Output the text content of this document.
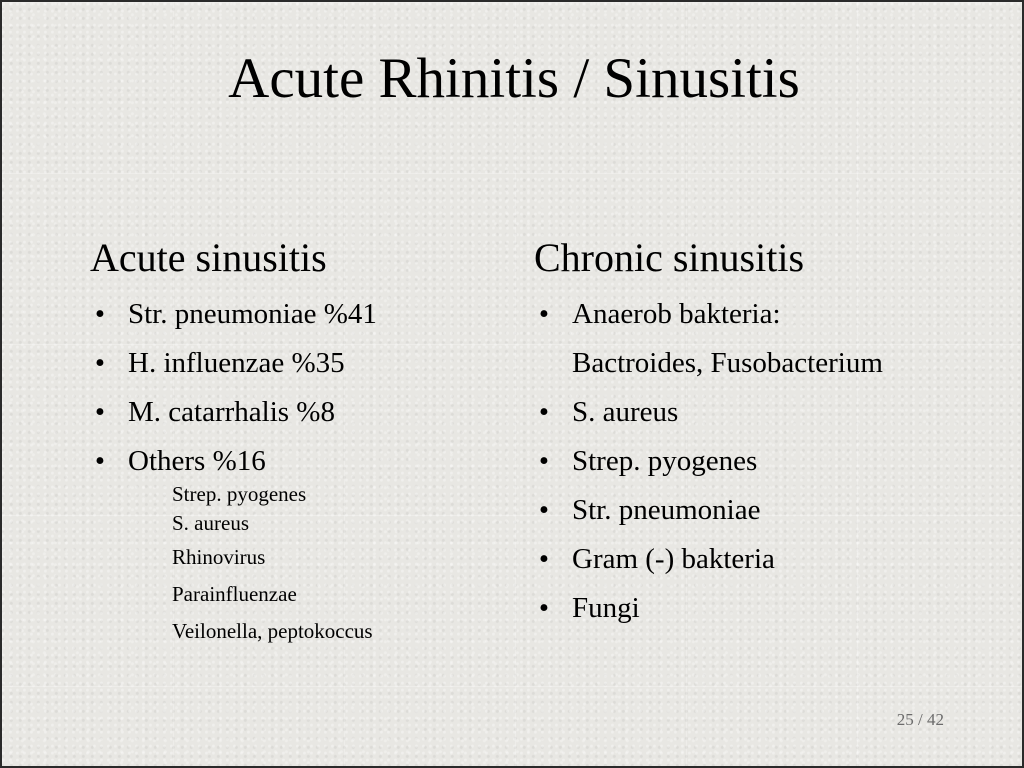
Acute Rhinitis / Sinusitis
Acute sinusitis
• Str. pneumoniae %41
• H. influenzae %35
• M. catarrhalis %8
• Others %16
Strep. pyogenes
S. aureus
Rhinovirus
Parainfluenzae
Veilonella, peptokoccus
Chronic sinusitis
• Anaerob bakteria:
Bactroides, Fusobacterium
• S. aureus
• Strep. pyogenes
• Str. pneumoniae
• Gram (-) bakteria
• Fungi
25 / 42
